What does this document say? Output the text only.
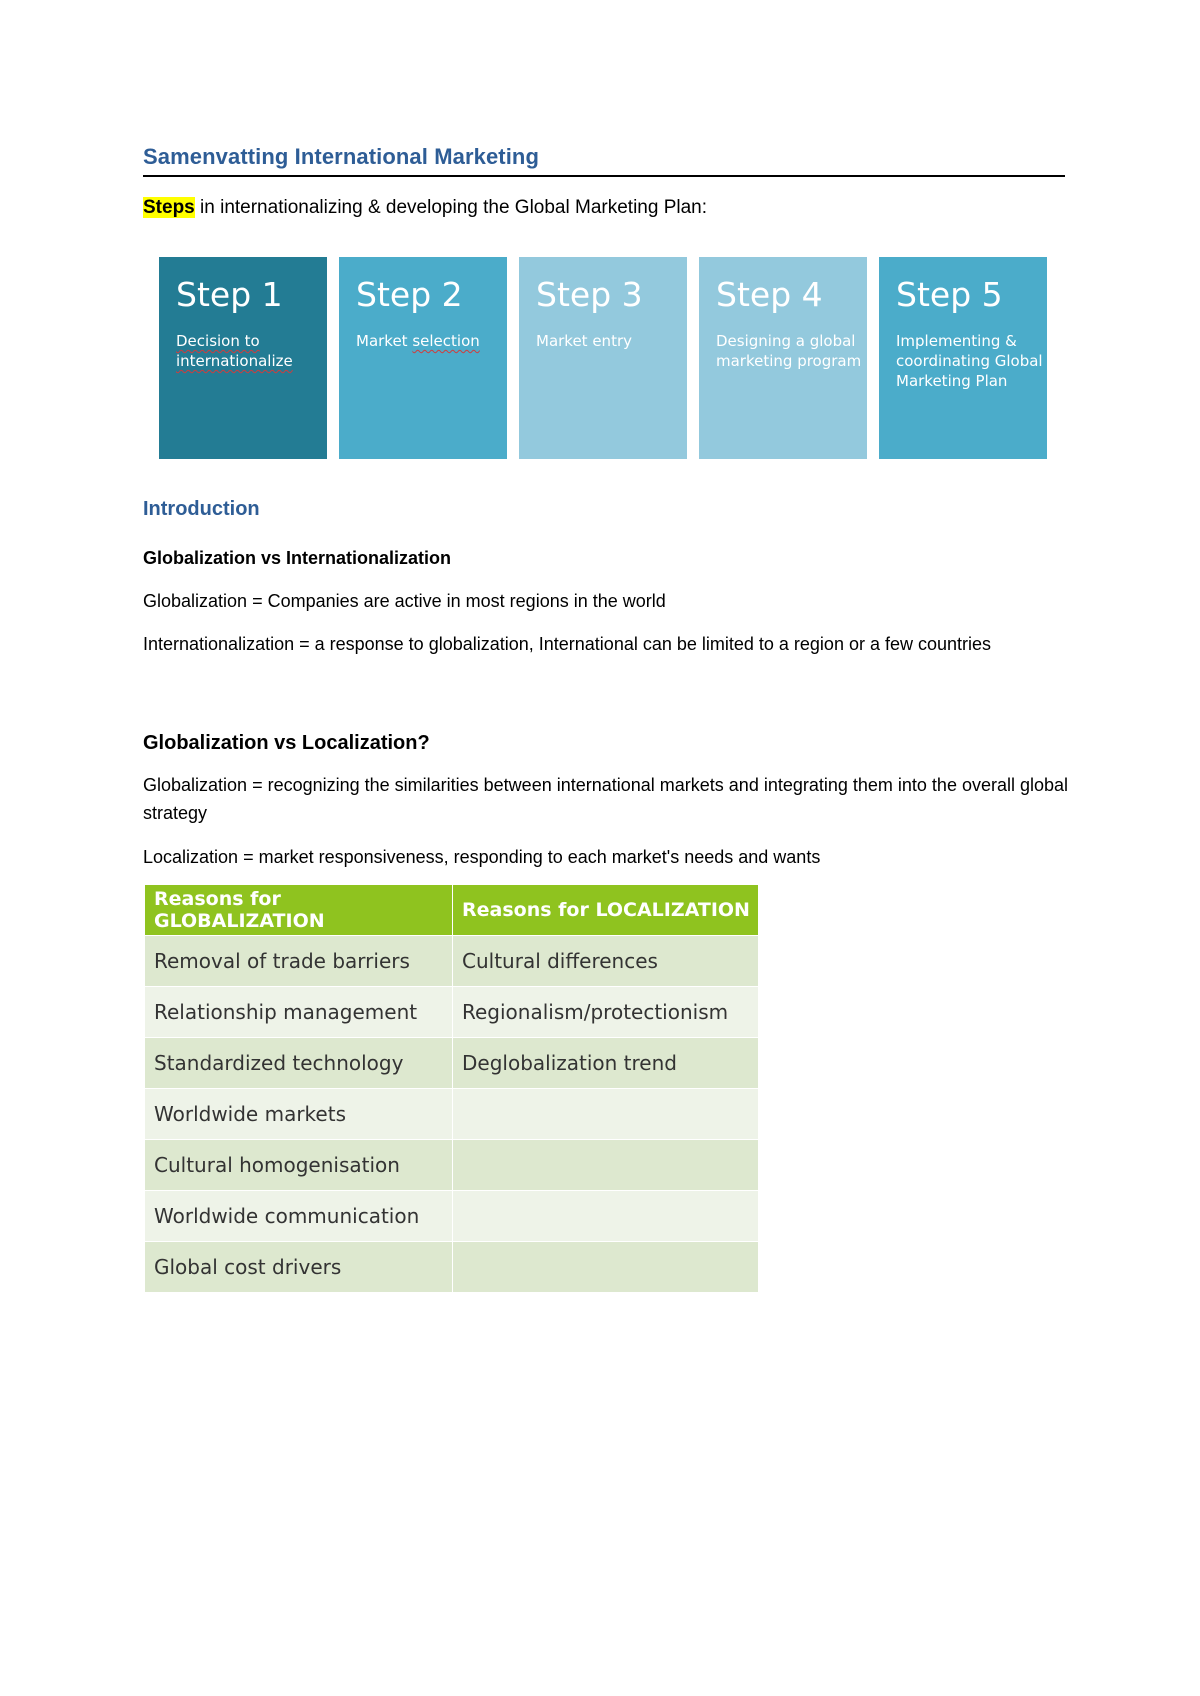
Samenvatting International Marketing
Steps in internationalizing & developing the Global Marketing Plan:
Step 1
Decision to internationalize
Step 2
Market selection
Step 3
Market entry
Step 4
Designing a global marketing program
Step 5
Implementing & coordinating Global Marketing Plan
Introduction
Globalization vs Internationalization
Globalization = Companies are active in most regions in the world
Internationalization = a response to globalization, International can be limited to a region or a few countries
Globalization vs Localization?
Globalization = recognizing the similarities between international markets and integrating them into the overall global strategy
Localization = market responsiveness, responding to each market's needs and wants
Reasons for GLOBALIZATION	Reasons for LOCALIZATION
Removal of trade barriers	Cultural differences
Relationship management	Regionalism/protectionism
Standardized technology	Deglobalization trend
Worldwide markets	
Cultural homogenisation	
Worldwide communication	
Global cost drivers	
